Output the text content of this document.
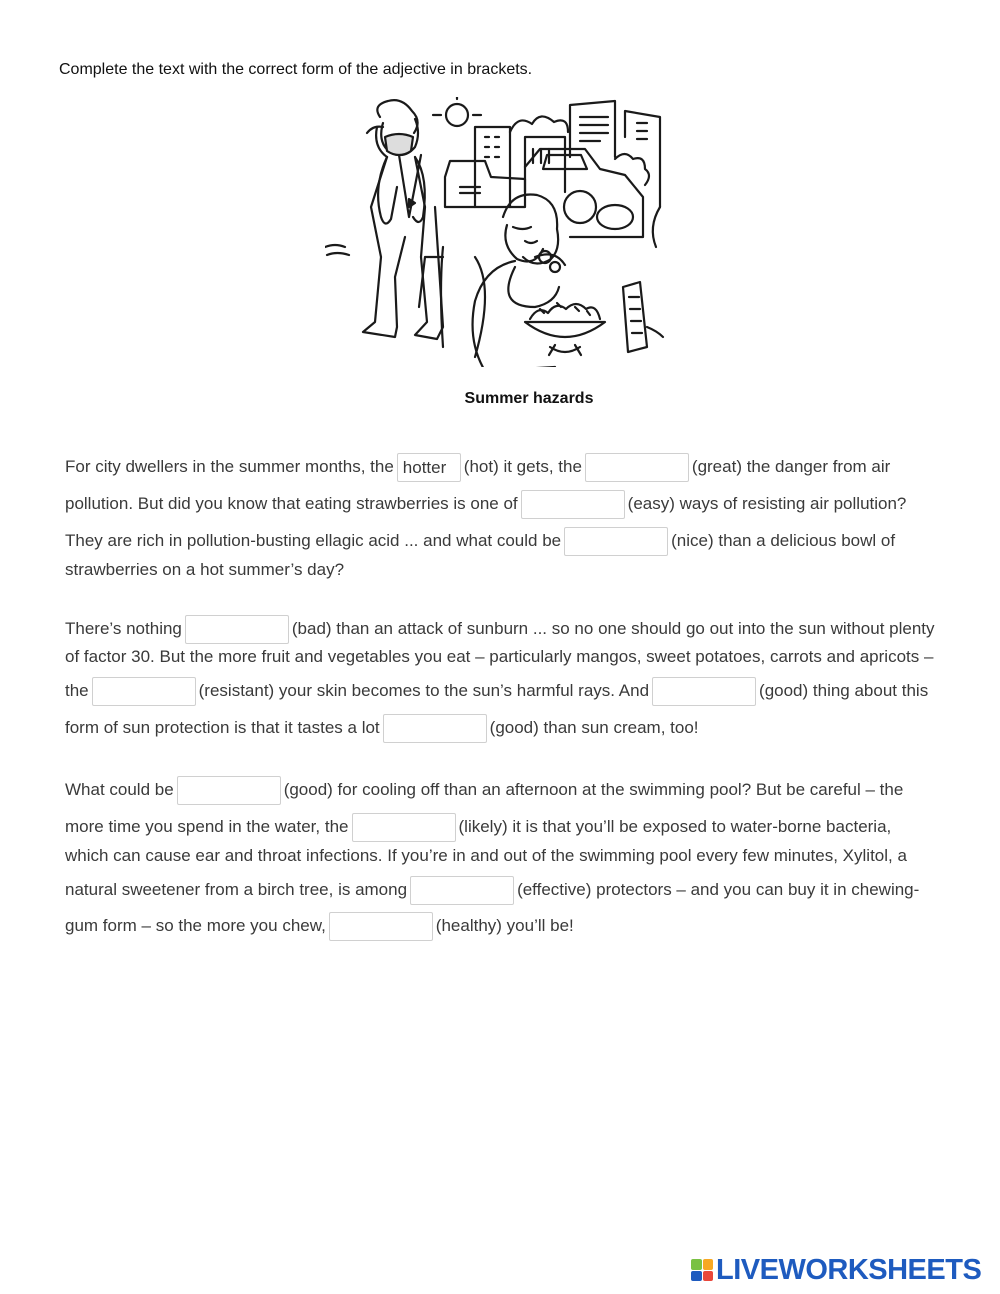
Complete the text with the correct form of the adjective in brackets.
Summer hazards
For city dwellers in the summer months, thehotter	(hot) it gets, the	(great) the danger from air
pollution. But did you know that eating strawberries is one of	(easy) ways of resisting air pollution?
They are rich in pollution-busting ellagic acid ... and what could be	(nice) than a delicious bowl of
strawberries on a hot summer’s day?
There’s nothing	(bad) than an attack of sunburn ... so no one should go out into the sun without plenty
of factor 30. But the more fruit and vegetables you eat – particularly mangos, sweet potatoes, carrots and apricots –
the	(resistant) your skin becomes to the sun’s harmful rays. And	(good) thing about this
form of sun protection is that it tastes a lot	(good) than sun cream, too!
What could be	(good) for cooling off than an afternoon at the swimming pool? But be careful – the
more time you spend in the water, the	(likely) it is that you’ll be exposed to water-borne bacteria,
which can cause ear and throat infections. If you’re in and out of the swimming pool every few minutes, Xylitol, a
natural sweetener from a birch tree, is among	(effective) protectors – and you can buy it in chewing-
gum form – so the more you chew,	(healthy) you’ll be!
LIVEWORKSHEETS
